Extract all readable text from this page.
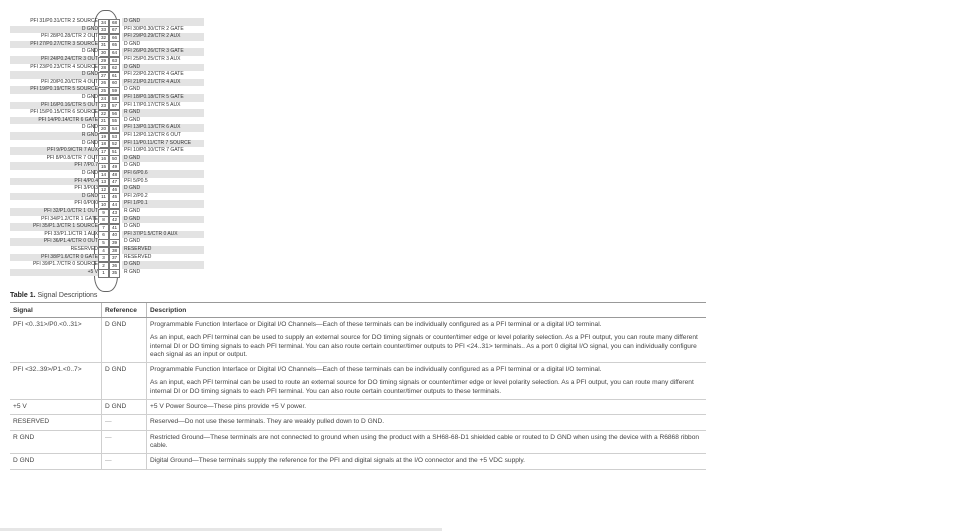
PFI 31/P0.31/CTR 2 SOURCE 34	68	D GND
D GND 33	67	PFI 30/P0.30/CTR 2 GATE
PFI 28/P0.28/CTR 2 OUT 32	66	PFI 29/P0.29/CTR 2 AUX
PFI 27/P0.27/CTR 3 SOURCE 31	65	D GND
D GND 30	64	PFI 26/P0.26/CTR 3 GATE
PFI 24/P0.24/CTR 3 OUT 29	63	PFI 25/P0.25/CTR 3 AUX
PFI 23/P0.23/CTR 4 SOURCE 28	62	D GND
D GND 27	61	PFI 22/P0.22/CTR 4 GATE
PFI 20/P0.20/CTR 4 OUT 26	60	PFI 21/P0.21/CTR 4 AUX
PFI 19/P0.19/CTR 5 SOURCE 25	59	D GND
D GND 24	58	PFI 18/P0.18/CTR 5 GATE
PFI 16/P0.16/CTR 5 OUT 23	57	PFI 17/P0.17/CTR 5 AUX
PFI 15/P0.15/CTR 6 SOURCE 22	56	R GND
PFI 14/P0.14/CTR 6 GATE 21	55	D GND
D GND 20	54	PFI 13/P0.13/CTR 6 AUX
R GND 19	53	PFI 12/P0.12/CTR 6 OUT
D GND 18	52	PFI 11/P0.11/CTR 7 SOURCE
PFI 9/P0.9/CTR 7 AUX 17	51	PFI 10/P0.10/CTR 7 GATE
PFI 8/P0.8/CTR 7 OUT 16	50	D GND
PFI 7/P0.7 15	49	D GND
D GND 14	48	PFI 6/P0.6
PFI 4/P0.4 13	47	PFI 5/P0.5
PFI 3/P0.3 12	46	D GND
D GND 11	45	PFI 2/P0.2
PFI 0/P0.0 10	44	PFI 1/P0.1
PFI 32/P1.0/CTR 1 OUT 9	43	R GND
PFI 34/P1.2/CTR 1 GATE 8	42	D GND
PFI 35/P1.3/CTR 1 SOURCE 7	41	D GND
PFI 33/P1.1/CTR 1 AUX 6	40	PFI 37/P1.5/CTR 0 AUX
PFI 36/P1.4/CTR 0 OUT 5	39	D GND
RESERVED 4	38	RESERVED
PFI 38/P1.6/CTR 0 GATE 3	37	RESERVED
PFI 39/P1.7/CTR 0 SOURCE 2	36	D GND
+5 V 1	35	R GND
Table 1. Signal Descriptions
Signal	Reference	Description
PFI <0..31>/P0.<0..31>	D GND	Programmable Function Interface or Digital I/O Channels—Each of these terminals can be individually configured as a PFI terminal or a digital I/O terminal.

As an input, each PFI terminal can be used to supply an external source for DO timing signals or counter/timer edge or level polarity selection. As a PFI output, you can route many different internal DI or DO timing signals to each PFI terminal. You can also route certain counter/timer outputs to PFI <24..31> terminals.. As a port 0 digital I/O signal, you can individually configure each signal as an input or output.

PFI <32..39>/P1.<0..7>	D GND	Programmable Function Interface or Digital I/O Channels—Each of these terminals can be individually configured as a PFI terminal or a digital I/O terminal.

As an input, each PFI terminal can be used to route an external source for DO timing signals or counter/timer edge or level polarity selection. As a PFI output, you can route many different internal DI or DO timing signals to each PFI terminal. You can also route certain counter/timer outputs to these terminals.

+5 V	D GND	+5 V Power Source—These pins provide +5 V power.

RESERVED	—	Reserved—Do not use these terminals. They are weakly pulled down to D GND.

R GND	—	Restricted Ground—These terminals are not connected to ground when using the product with a SH68-68-D1 shielded cable or routed to D GND when using the device with a R6868 ribbon cable.

D GND	—	Digital Ground—These terminals supply the reference for the PFI and digital signals at the I/O connector and the +5 VDC supply.
